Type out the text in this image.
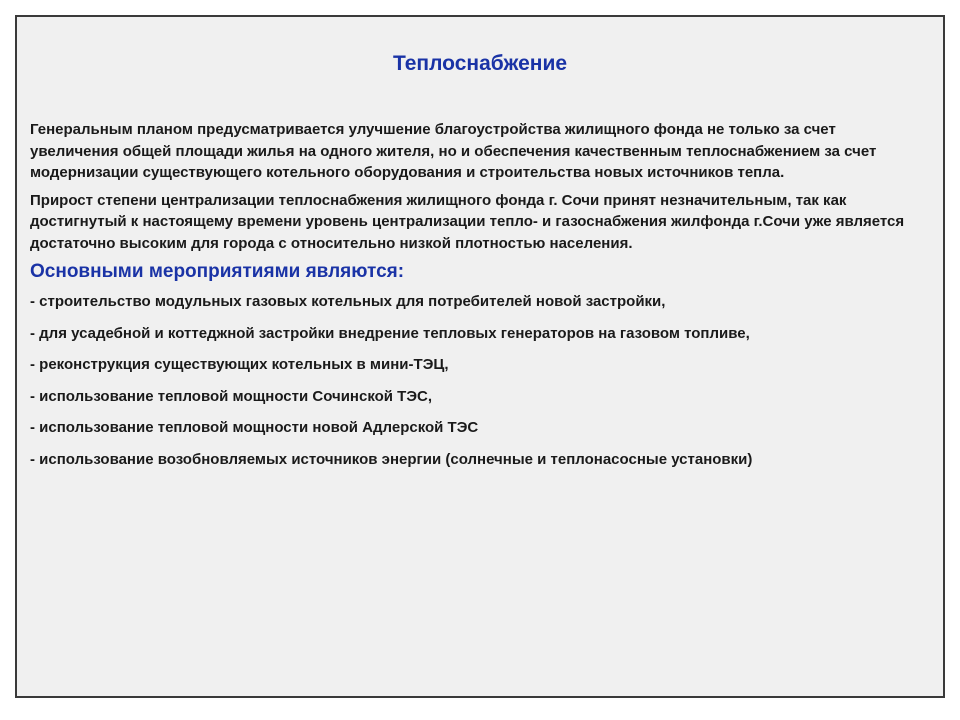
Теплоснабжение

Генеральным планом предусматривается улучшение благоустройства жилищного фонда не только за счет увеличения общей площади жилья на одного жителя, но и обеспечения качественным теплоснабжением за счет модернизации существующего котельного оборудования и строительства новых источников тепла.

Прирост степени централизации теплоснабжения жилищного фонда г. Сочи принят незначительным, так как достигнутый к настоящему времени уровень централизации тепло- и газоснабжения жилфонда г.Сочи уже является достаточно высоким для города с относительно низкой плотностью населения.

Основными мероприятиями являются:

- строительство модульных газовых котельных для потребителей новой застройки,

- для усадебной и коттеджной застройки внедрение тепловых генераторов на газовом топливе,

- реконструкция существующих котельных в мини-ТЭЦ,

- использование тепловой мощности Сочинской ТЭС,

- использование тепловой мощности новой Адлерской ТЭС

- использование возобновляемых источников энергии (солнечные и теплонасосные установки)
